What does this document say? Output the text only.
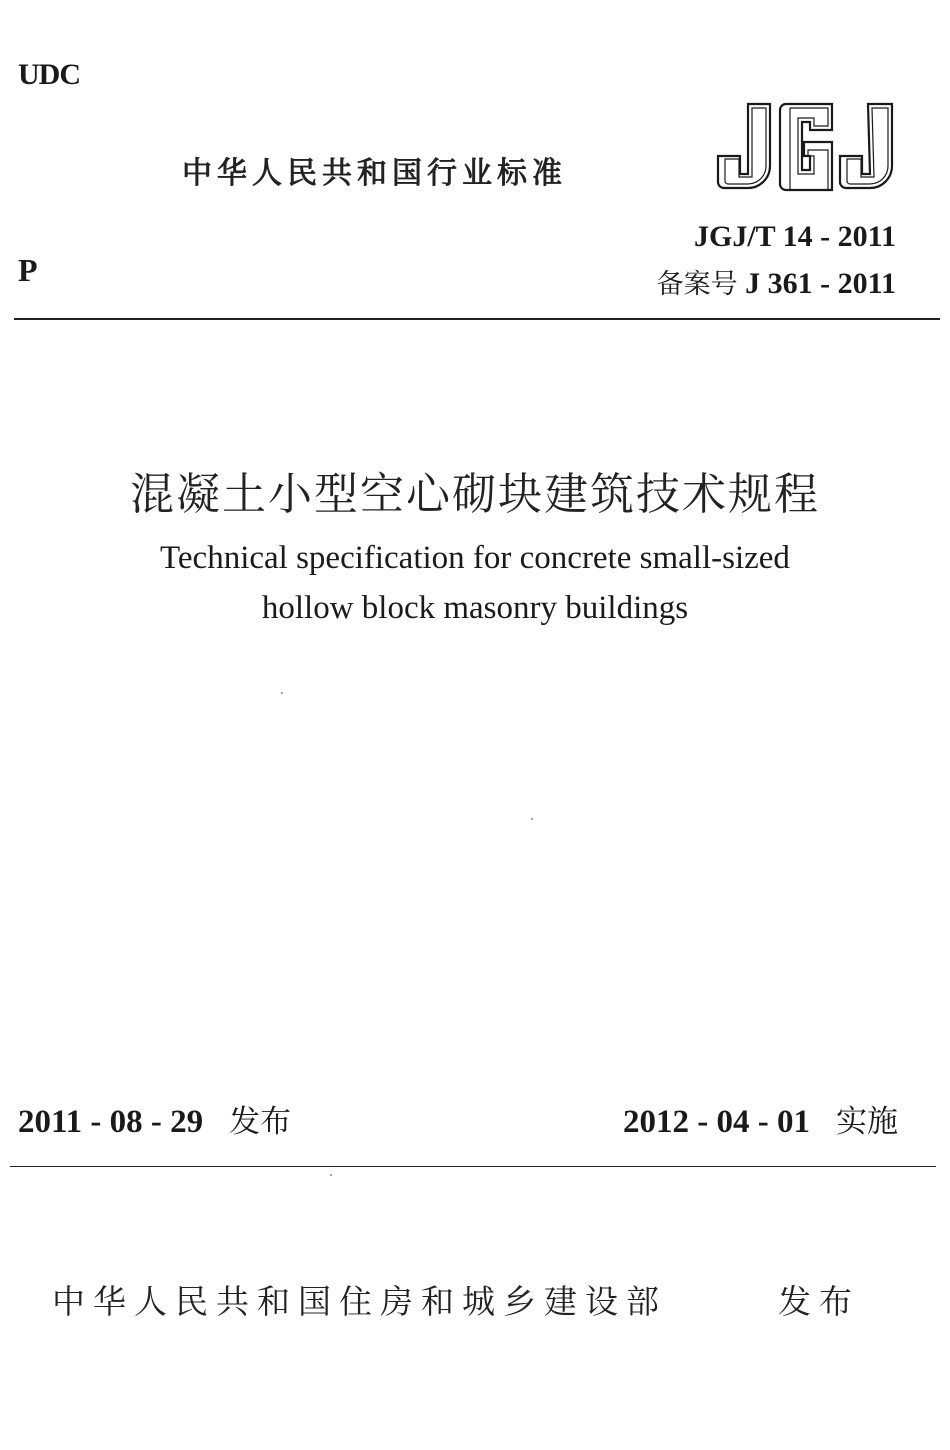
UDC
中华人民共和国行业标准
P
JGJ/T 14 - 2011
备案号 J 361 - 2011
混凝土小型空心砌块建筑技术规程
Technical specification for concrete small-sized
hollow block masonry buildings
2011 - 08 - 29 发布	2012 - 04 - 01 实施
中华人民共和国住房和城乡建设部	发布
